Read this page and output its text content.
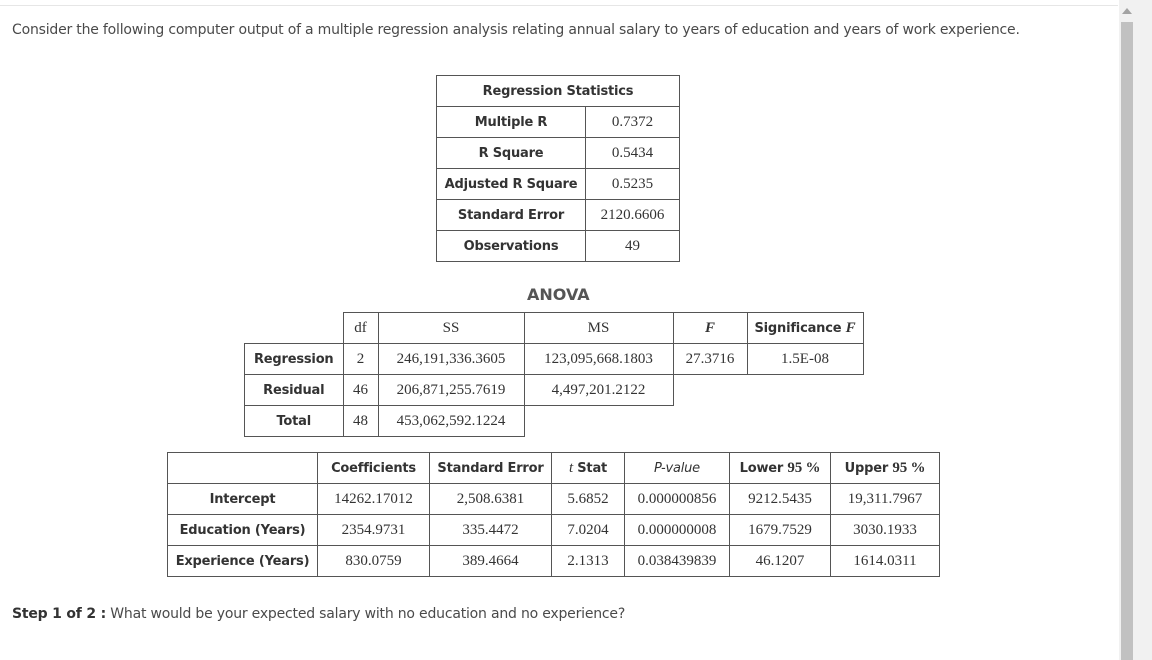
Consider the following computer output of a multiple regression analysis relating annual salary to years of education and years of work experience.
Regression Statistics	
Multiple R	0.7372
R Square	0.5434
Adjusted R Square	0.5235
Standard Error	2120.6606
Observations	49
ANOVA
	df	SS	MS	F	Significance F
Regression	2	246,191,336.3605	123,095,668.1803	27.3716	1.5E-08
Residual	46	206,871,255.7619	4,497,201.2122		
Total	48	453,062,592.1224			
	Coefficients	Standard Error	t Stat	P-value	Lower 95 %	Upper 95 %
Intercept	14262.17012	2,508.6381	5.6852	0.000000856	9212.5435	19,311.7967
Education (Years)	2354.9731	335.4472	7.0204	0.000000008	1679.7529	3030.1933
Experience (Years)	830.0759	389.4664	2.1313	0.038439839	46.1207	1614.0311
Step 1 of 2 : What would be your expected salary with no education and no experience?
